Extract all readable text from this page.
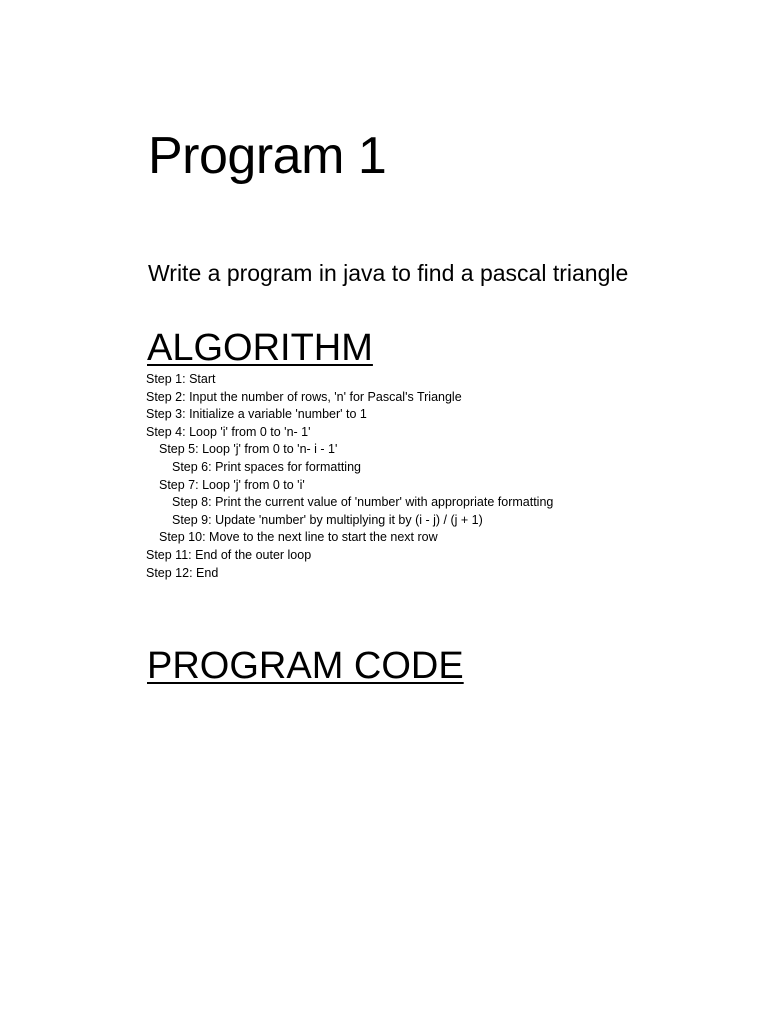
Program 1
Write a program in java to find a pascal triangle
ALGORITHM
Step 1: Start
Step 2: Input the number of rows, 'n' for Pascal's Triangle
Step 3: Initialize a variable 'number' to 1
Step 4: Loop 'i' from 0 to 'n- 1'
Step 5: Loop 'j' from 0 to 'n- i - 1'
Step 6: Print spaces for formatting
Step 7: Loop 'j' from 0 to 'i'
Step 8: Print the current value of 'number' with appropriate formatting
Step 9: Update 'number' by multiplying it by (i - j) / (j + 1)
Step 10: Move to the next line to start the next row
Step 11: End of the outer loop
Step 12: End
PROGRAM CODE
